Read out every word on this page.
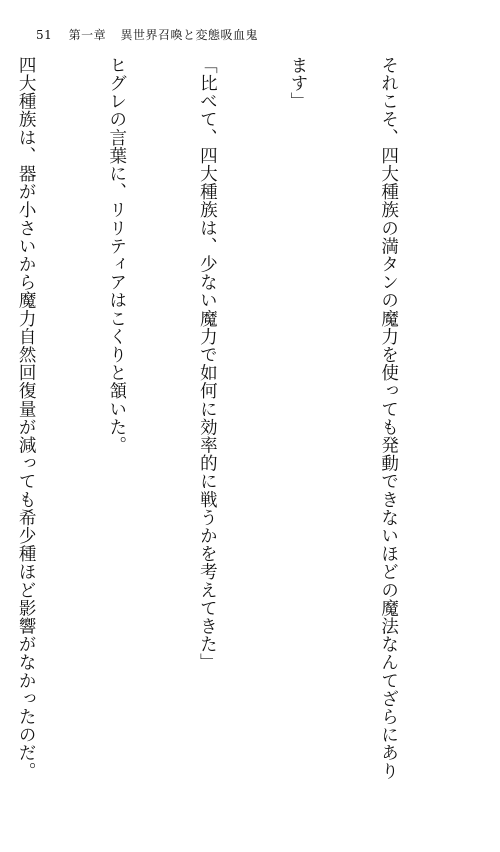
51 第一章 異世界召喚と変態吸血鬼

それこそ、四大種族の満タンの魔力を使っても発動できないほどの魔法なんてざらにあり

ます」

「比べて、四大種族は、少ない魔力で如何に効率的に戦うかを考えてきた」

ヒグレの言葉に、リリティアはこくりと頷いた。

四大種族は、器が小さいから魔力自然回復量が減っても希少種ほど影響がなかったのだ。
